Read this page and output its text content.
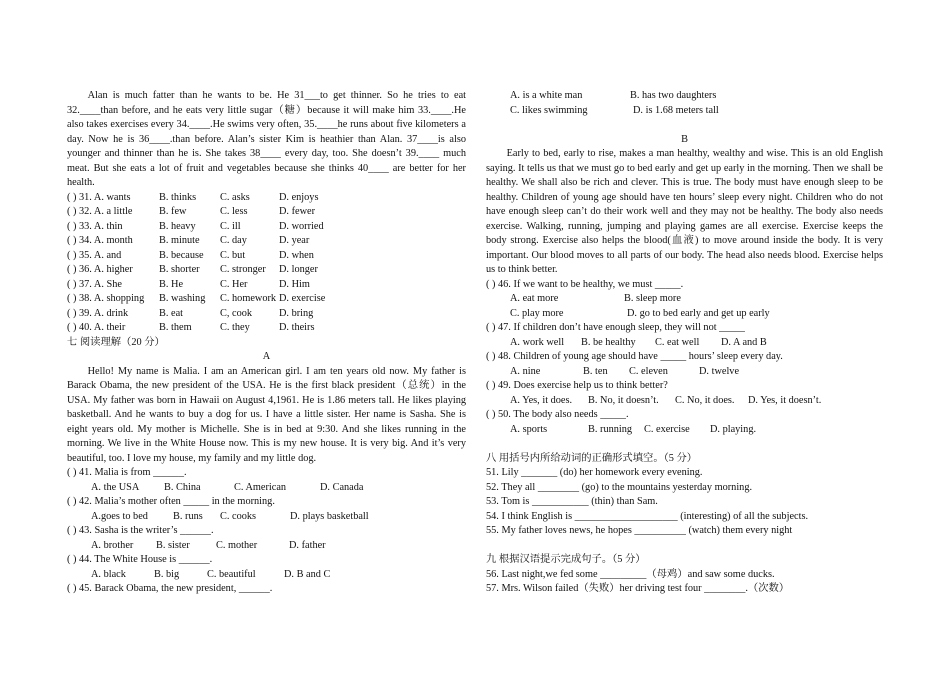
Alan is much fatter than he wants to be. He 31___to get thinner. So he tries to eat 32.____than before, and he eats very little sugar（糖）because it will make him 33.____.He also takes exercises every 34.____.He swims very often, 35.____he runs about five kilometers a day. Now he is 36____.than before. Alan’s sister Kim is heathier than Alan. 37____is also younger and thinner than he is. She takes 38____ every day, too. She doesn’t 39.____ much meat. But she eats a lot of fruit and vegetables because she thinks 40____ are better for her health.

( ) 31. A. wants	B. thinks C. asks	D. enjoys

( ) 32. A. a little	B. few	C. less	D. fewer

( ) 33. A. thin	B. heavy C. ill	D. worried

( ) 34. A. month	B. minute C. day	D. year

( ) 35. A. and	B. because C. but	D. when

( ) 36. A. higher	B. shorter C. stronger D. longer

( ) 37. A. She	B. He	C. Her	D. Him

( ) 38. A. shopping B. washing C. homework D. exercise

( ) 39. A. drink	B. eat	C, cook	D. bring

( ) 40. A. their	B. them	C. they	D. theirs

七 阅读理解（20 分）

A

Hello! My name is Malia. I am an American girl. I am ten years old now. My father is Barack Obama, the new president of the USA. He is the first black president（总统）in the USA. My father was born in Hawaii on August 4,1961. He is 1.86 meters tall. He likes playing basketball. And he wants to buy a dog for us. I have a little sister. Her name is Sasha. She is eight years old. My mother is Michelle. She is in bed at 9:30. And she likes running in the morning. We live in the White House now. This is my new house. It is very big. And it’s very beautiful, too. I love my house, my family and my little dog.

( ) 41. Malia is from ______.

A. the USA B. China	C. American	D. Canada

( ) 42. Malia’s mother often _____ in the morning.

A.goes to bed B. runs C. cooks	D. plays basketball

( ) 43. Sasha is the writer’s ______.

A. brother B. sister	C. mother	D. father

( ) 44. The White House is ______.

A. black	B. big	C. beautiful	D. B and C

( ) 45. Barack Obama, the new president, ______.

A. is a white man	B. has two daughters

C. likes swimming	D. is 1.68 meters tall

B

Early to bed, early to rise, makes a man healthy, wealthy and wise. This is an old English saying. It tells us that we must go to bed early and get up early in the morning. Then we shall be healthy. We shall also be rich and clever. This is true. The body must have enough sleep to be healthy. Children of young age should have ten hours’ sleep every night. Children who do not have enough sleep can’t do their work well and they may not be healthy. The body also needs exercise. Walking, running, jumping and playing games are all exercise. Exercise keeps the body strong. Exercise also helps the blood(血液) to move around inside the body. It is very important. Our blood moves to all parts of our body. The head also needs blood. Exercise helps us to think better.

( ) 46. If we want to be healthy, we must _____.

A. eat more	B. sleep more

C. play more	D. go to bed early and get up early

( ) 47. If children don’t have enough sleep, they will not _____

A. work well B. be healthy C. eat well D. A and B

( ) 48. Children of young age should have _____ hours’ sleep every day.

A. nine	B. ten C. eleven	D. twelve

( ) 49. Does exercise help us to think better?

A. Yes, it does. B. No, it doesn’t. C. No, it does. D. Yes, it doesn’t.

( ) 50. The body also needs _____.

A. sports	B. running C. exercise D. playing.

八 用括号内所给动词的正确形式填空。（5 分）

51. Lily _______ (do) her homework every evening.

52. They all ________ (go) to the mountains yesterday morning.

53. Tom is ___________ (thin) than Sam.

54. I think English is ____________________ (interesting) of all the subjects.

55. My father loves news, he hopes __________ (watch) them every night

九 根据汉语提示完成句子。（5 分）

56. Last night,we fed some _________（母鸡）and saw some ducks.

57. Mrs. Wilson failed（失败）her driving test four ________.（次数）
